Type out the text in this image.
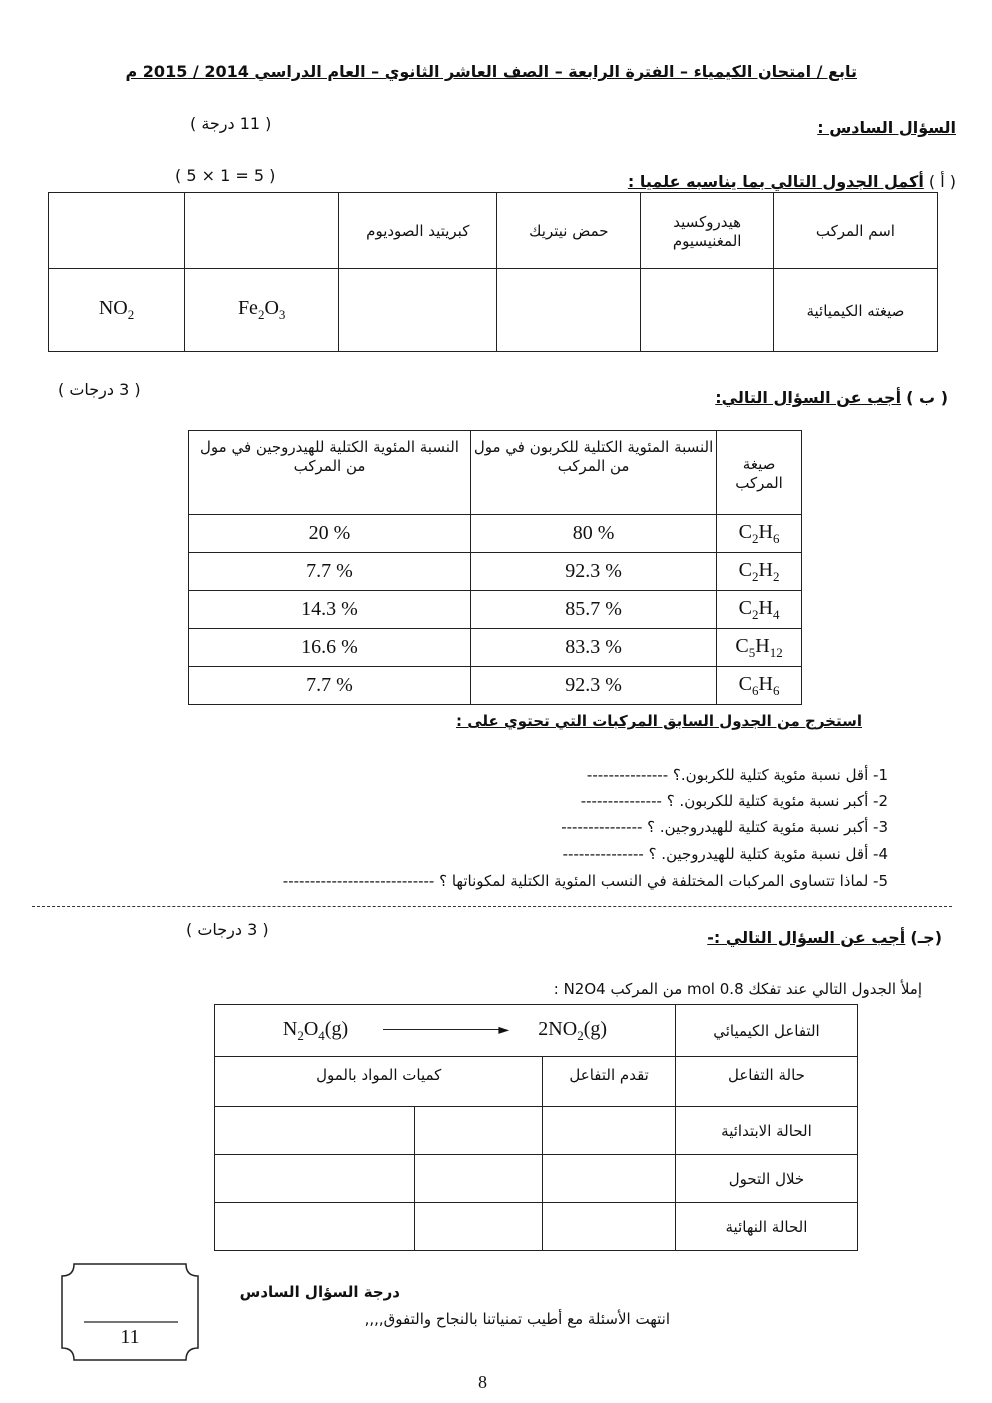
تابع / امتحان الكيمياء – الفترة الرابعة – الصف العاشر الثانوي – العام الدراسي 2014 / 2015 م
السؤال السادس :
( 11 درجة )
( أ ) أكمل الجدول التالي بما يناسبه علميا :
( 5 × 1 = 5 )
		كبريتيد الصوديوم	حمض نيتريك	هيدروكسيد المغنيسيوم	اسم المركب
$NO_2$	$Fe_2O_3$				صيغته الكيميائية
( ب ) أجب عن السؤال التالي:
( 3 درجات )
النسبة المئوية الكتلية للهيدروجين في مول من المركب	النسبة المئوية الكتلية للكربون في مول من المركب	صيغة المركب
20 %	80 %	$C_2H_6$
7.7 %	92.3 %	$C_2H_2$
14.3 %	85.7 %	$C_2H_4$
16.6 %	83.3 %	$C_5H_{12}$
7.7 %	92.3 %	$C_6H_6$
استخرج من الجدول السابق المركبات التي تحتوي على :
1- أقل نسبة مئوية كتلية للكربون.؟ ---------------
2- أكبر نسبة مئوية كتلية للكربون. ؟ ---------------
3- أكبر نسبة مئوية كتلية للهيدروجين. ؟ ---------------
4- أقل نسبة مئوية كتلية للهيدروجين. ؟ ---------------
5- لماذا تتساوى المركبات المختلفة في النسب المئوية الكتلية لمكوناتها ؟ ----------------------------
(جـ) أجب عن السؤال التالي :-
( 3 درجات )
إملأ الجدول التالي عند تفكك 0.8 mol من المركب N2O4 :
$N_2O_4(g)$ ► $2NO_2(g)$			التفاعل الكيميائي
كميات المواد بالمول		تقدم التفاعل	حالة التفاعل
			الحالة الابتدائية
			خلال التحول
			الحالة النهائية
11
درجة السؤال السادس
انتهت الأسئلة مع أطيب تمنياتنا بالنجاح والتفوق,,,,
8
